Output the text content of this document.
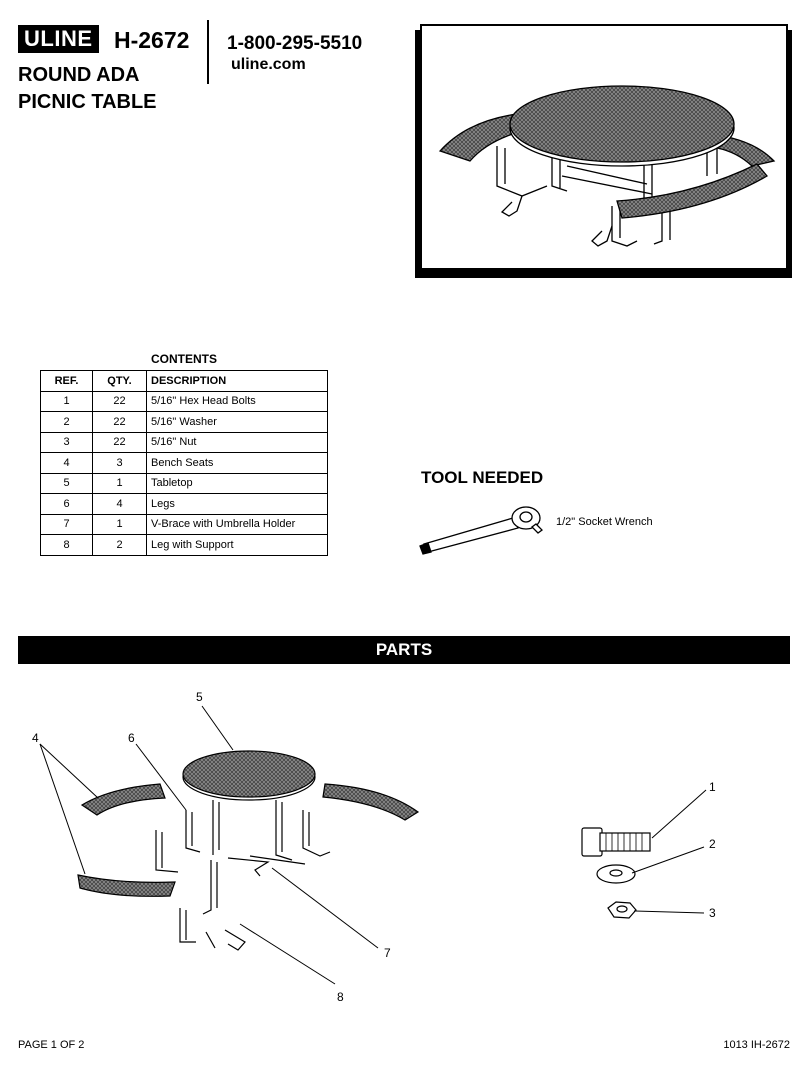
ULINE H-2672
ROUND ADA
PICNIC TABLE
1-800-295-5510
uline.com
CONTENTS
REF.	QTY.	DESCRIPTION
1	22	5/16" Hex Head Bolts
2	22	5/16" Washer
3	22	5/16" Nut
4	3	Bench Seats
5	1	Tabletop
6	4	Legs
7	1	V-Brace with Umbrella Holder
8	2	Leg with Support
TOOL NEEDED
1/2" Socket Wrench
PARTS
5
6
4
1
2
3
7
8
PAGE 1 OF 2	1013 IH-2672
